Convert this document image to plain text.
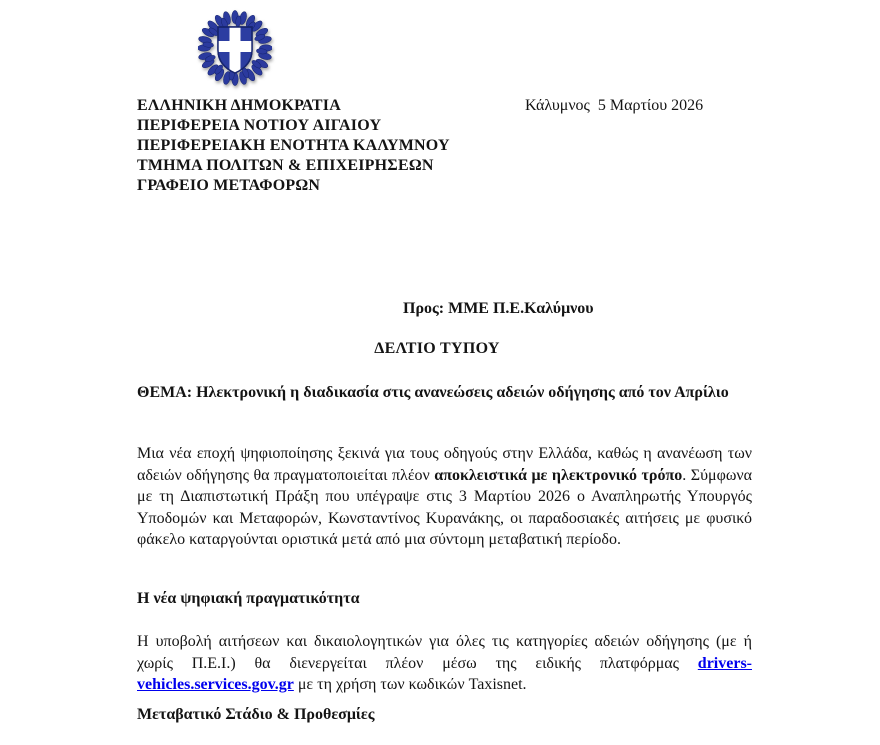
ΕΛΛΗΝΙΚΗ ΔΗΜΟΚΡΑΤΙΑ
ΠΕΡΙΦΕΡΕΙΑ ΝΟΤΙΟΥ ΑΙΓΑΙΟΥ
ΠΕΡΙΦΕΡΕΙΑΚΗ ΕΝΟΤΗΤΑ ΚΑΛΥΜΝΟΥ
ΤΜΗΜΑ ΠΟΛΙΤΩΝ & ΕΠΙΧΕΙΡΗΣΕΩΝ
ΓΡΑΦΕΙΟ ΜΕΤΑΦΟΡΩΝ
Κάλυμνος  5 Μαρτίου 2026
Προς: ΜΜΕ Π.Ε.Καλύμνου
ΔΕΛΤΙΟ ΤΥΠΟΥ
ΘΕΜΑ: Ηλεκτρονική η διαδικασία στις ανανεώσεις αδειών οδήγησης από τον Απρίλιο

Μια νέα εποχή ψηφιοποίησης ξεκινά για τους οδηγούς στην Ελλάδα, καθώς η ανανέωση των αδειών οδήγησης θα πραγματοποιείται πλέον αποκλειστικά με ηλεκτρονικό τρόπο. Σύμφωνα με τη Διαπιστωτική Πράξη που υπέγραψε στις 3 Μαρτίου 2026 ο Αναπληρωτής Υπουργός Υποδομών και Μεταφορών, Κωνσταντίνος Κυρανάκης, οι παραδοσιακές αιτήσεις με φυσικό φάκελο καταργούνται οριστικά μετά από μια σύντομη μεταβατική περίοδο.

Η νέα ψηφιακή πραγματικότητα

Η υποβολή αιτήσεων και δικαιολογητικών για όλες τις κατηγορίες αδειών οδήγησης (με ή χωρίς Π.Ε.Ι.) θα διενεργείται πλέον μέσω της ειδικής πλατφόρμας drivers-vehicles.services.gov.gr με τη χρήση των κωδικών Taxisnet.

Μεταβατικό Στάδιο & Προθεσμίες
